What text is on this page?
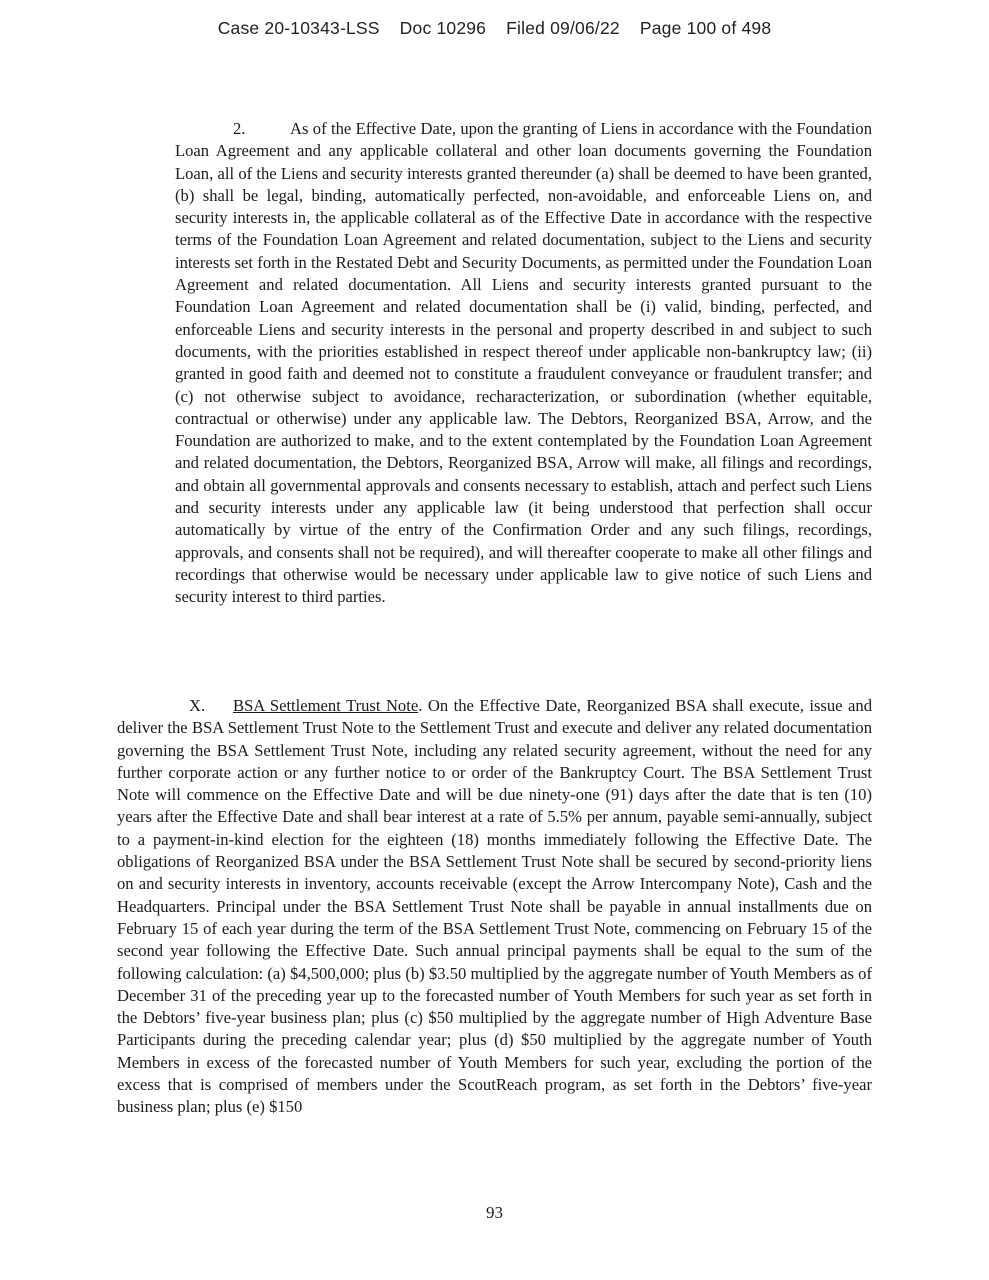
Case 20-10343-LSS Doc 10296 Filed 09/06/22 Page 100 of 498
2.	As of the Effective Date, upon the granting of Liens in accordance with the Foundation Loan Agreement and any applicable collateral and other loan documents governing the Foundation Loan, all of the Liens and security interests granted thereunder (a) shall be deemed to have been granted, (b) shall be legal, binding, automatically perfected, non-avoidable, and enforceable Liens on, and security interests in, the applicable collateral as of the Effective Date in accordance with the respective terms of the Foundation Loan Agreement and related documentation, subject to the Liens and security interests set forth in the Restated Debt and Security Documents, as permitted under the Foundation Loan Agreement and related documentation. All Liens and security interests granted pursuant to the Foundation Loan Agreement and related documentation shall be (i) valid, binding, perfected, and enforceable Liens and security interests in the personal and property described in and subject to such documents, with the priorities established in respect thereof under applicable non-bankruptcy law; (ii) granted in good faith and deemed not to constitute a fraudulent conveyance or fraudulent transfer; and (c) not otherwise subject to avoidance, recharacterization, or subordination (whether equitable, contractual or otherwise) under any applicable law. The Debtors, Reorganized BSA, Arrow, and the Foundation are authorized to make, and to the extent contemplated by the Foundation Loan Agreement and related documentation, the Debtors, Reorganized BSA, Arrow will make, all filings and recordings, and obtain all governmental approvals and consents necessary to establish, attach and perfect such Liens and security interests under any applicable law (it being understood that perfection shall occur automatically by virtue of the entry of the Confirmation Order and any such filings, recordings, approvals, and consents shall not be required), and will thereafter cooperate to make all other filings and recordings that otherwise would be necessary under applicable law to give notice of such Liens and security interest to third parties.
X. BSA Settlement Trust Note. On the Effective Date, Reorganized BSA shall execute, issue and deliver the BSA Settlement Trust Note to the Settlement Trust and execute and deliver any related documentation governing the BSA Settlement Trust Note, including any related security agreement, without the need for any further corporate action or any further notice to or order of the Bankruptcy Court. The BSA Settlement Trust Note will commence on the Effective Date and will be due ninety-one (91) days after the date that is ten (10) years after the Effective Date and shall bear interest at a rate of 5.5% per annum, payable semi-annually, subject to a payment-in-kind election for the eighteen (18) months immediately following the Effective Date. The obligations of Reorganized BSA under the BSA Settlement Trust Note shall be secured by second-priority liens on and security interests in inventory, accounts receivable (except the Arrow Intercompany Note), Cash and the Headquarters. Principal under the BSA Settlement Trust Note shall be payable in annual installments due on February 15 of each year during the term of the BSA Settlement Trust Note, commencing on February 15 of the second year following the Effective Date. Such annual principal payments shall be equal to the sum of the following calculation: (a) $4,500,000; plus (b) $3.50 multiplied by the aggregate number of Youth Members as of December 31 of the preceding year up to the forecasted number of Youth Members for such year as set forth in the Debtors’ five-year business plan; plus (c) $50 multiplied by the aggregate number of High Adventure Base Participants during the preceding calendar year; plus (d) $50 multiplied by the aggregate number of Youth Members in excess of the forecasted number of Youth Members for such year, excluding the portion of the excess that is comprised of members under the ScoutReach program, as set forth in the Debtors’ five-year business plan; plus (e) $150
93
